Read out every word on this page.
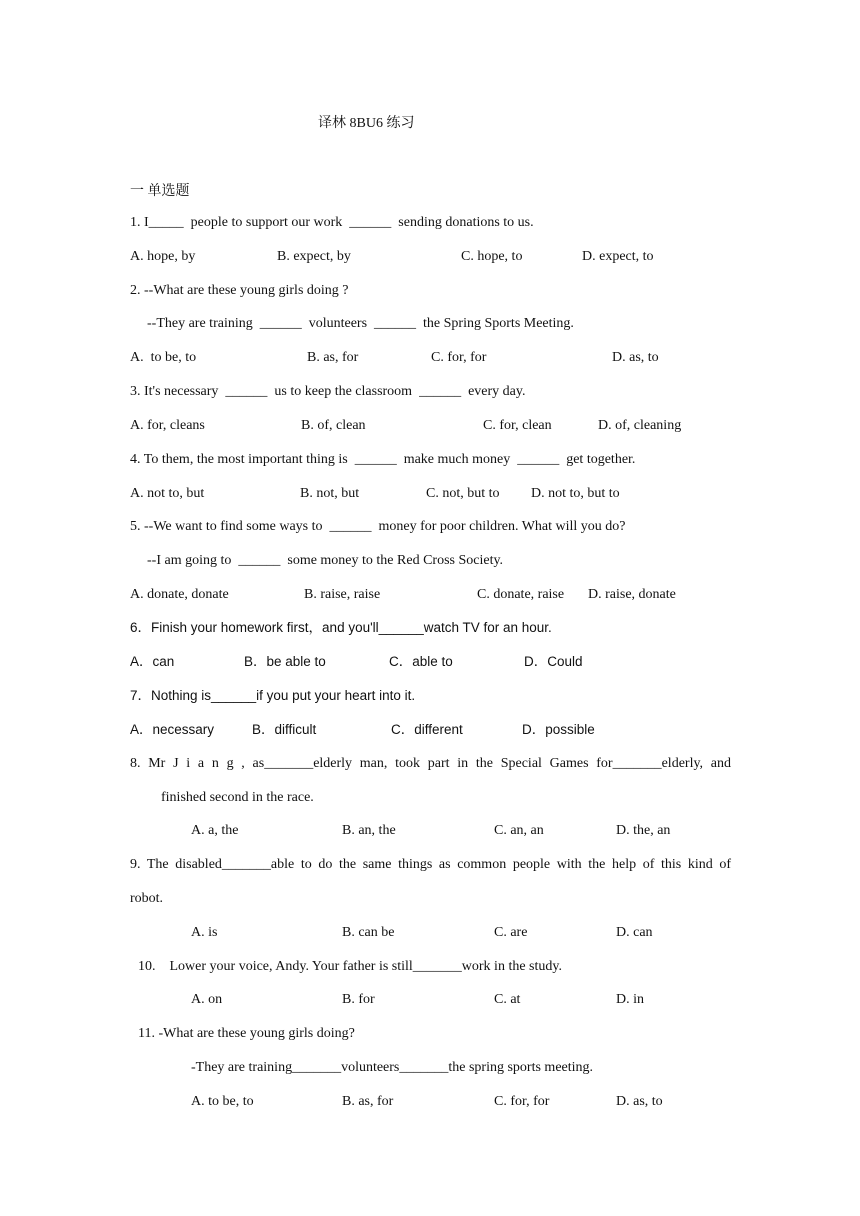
译林 8BU6 练习
一 单选题
1. I_____  people to support our work  ______  sending donations to us.
A. hope, by	B. expect, by	C. hope, to	D. expect, to
2. --What are these young girls doing ?
--They are training  ______  volunteers  ______  the Spring Sports Meeting.
A.  to be, to	B. as, for	C. for, for	D. as, to
3. It's necessary  ______  us to keep the classroom  ______  every day.
A. for, cleans	B. of, clean	C. for, clean	D. of, cleaning
4. To them, the most important thing is  ______  make much money  ______  get together.
A. not to, but	B. not, but	C. not, but to D. not to, but to
5. --We want to find some ways to  ______  money for poor children. What will you do?
--I am going to  ______  some money to the Red Cross Society.
A. donate, donate	B. raise, raise	C. donate, raise D. raise, donate
6．Finish your homework first，and you'll______watch TV for an hour.
A．can	B．be able to	C．able to	D．Could
7．Nothing is______if you put your heart into it.
A．necessary	B．difficult	C．different	D．possible
8. Mr J i a n g , as_______elderly man, took part in the Special Games for_______elderly, and
finished second in the race.
A. a, the	B. an, the	C. an, an	D. the, an
9. The disabled_______able to do the same things as common people with the help of this kind of
robot.
A. is	B. can be	C. are	D. can
10.    Lower your voice, Andy. Your father is still_______work in the study.
A. on	B. for	C. at	D. in
11. -What are these young girls doing?
-They are training_______volunteers_______the spring sports meeting.
A. to be, to	B. as, for	C. for, for	D. as, to
